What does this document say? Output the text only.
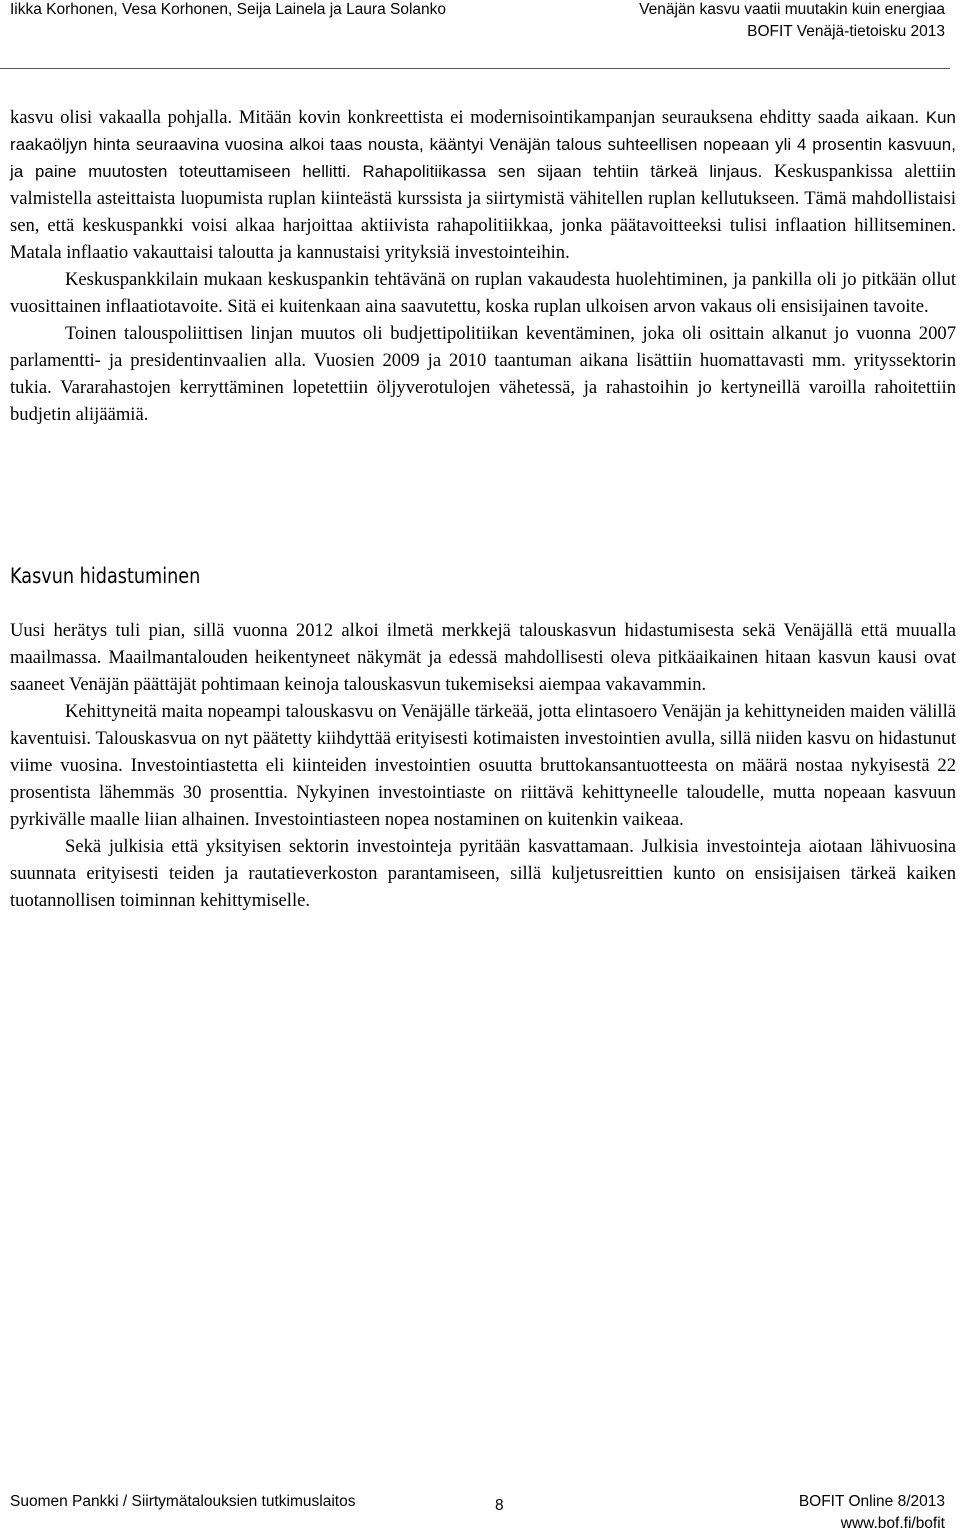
Iikka Korhonen, Vesa Korhonen, Seija Lainela ja Laura Solanko	Venäjän kasvu vaatii muutakin kuin energiaa
BOFIT Venäjä-tietoisku 2013

kasvu olisi vakaalla pohjalla. Mitään kovin konkreettista ei modernisointikampanjan seurauksena ehditty saada aikaan. Kun raakaöljyn hinta seuraavina vuosina alkoi taas nousta, kääntyi Venäjän talous suhteellisen nopeaan yli 4 prosentin kasvuun, ja paine muutosten toteuttamiseen hellitti. Rahapolitiikassa sen sijaan tehtiin tärkeä linjaus. Keskuspankissa alettiin valmistella asteittaista luopumista ruplan kiinteästä kurssista ja siirtymistä vähitellen ruplan kellutukseen. Tämä mahdollistaisi sen, että keskuspankki voisi alkaa harjoittaa aktiivista rahapolitiikkaa, jonka päätavoitteeksi tulisi inflaation hillitseminen. Matala inflaatio vakauttaisi taloutta ja kannustaisi yrityksiä investointeihin.

Keskuspankkilain mukaan keskuspankin tehtävänä on ruplan vakaudesta huolehtiminen, ja pankilla oli jo pitkään ollut vuosittainen inflaatiotavoite. Sitä ei kuitenkaan aina saavutettu, koska ruplan ulkoisen arvon vakaus oli ensisijainen tavoite.

Toinen talouspoliittisen linjan muutos oli budjettipolitiikan keventäminen, joka oli osittain alkanut jo vuonna 2007 parlamentti- ja presidentinvaalien alla. Vuosien 2009 ja 2010 taantuman aikana lisättiin huomattavasti mm. yrityssektorin tukia. Vararahastojen kerryttäminen lopetettiin öljyverotulojen vähetessä, ja rahastoihin jo kertyneillä varoilla rahoitettiin budjetin alijäämiä.

Kasvun hidastuminen

Uusi herätys tuli pian, sillä vuonna 2012 alkoi ilmetä merkkejä talouskasvun hidastumisesta sekä Venäjällä että muualla maailmassa. Maailmantalouden heikentyneet näkymät ja edessä mahdollisesti oleva pitkäaikainen hitaan kasvun kausi ovat saaneet Venäjän päättäjät pohtimaan keinoja talouskasvun tukemiseksi aiempaa vakavammin.

Kehittyneitä maita nopeampi talouskasvu on Venäjälle tärkeää, jotta elintasoero Venäjän ja kehittyneiden maiden välillä kaventuisi. Talouskasvua on nyt päätetty kiihdyttää erityisesti kotimaisten investointien avulla, sillä niiden kasvu on hidastunut viime vuosina. Investointiastetta eli kiinteiden investointien osuutta bruttokansantuotteesta on määrä nostaa nykyisestä 22 prosentista lähemmäs 30 prosenttia. Nykyinen investointiaste on riittävä kehittyneelle taloudelle, mutta nopeaan kasvuun pyrkivälle maalle liian alhainen. Investointiasteen nopea nostaminen on kuitenkin vaikeaa.

Sekä julkisia että yksityisen sektorin investointeja pyritään kasvattamaan. Julkisia investointeja aiotaan lähivuosina suunnata erityisesti teiden ja rautatieverkoston parantamiseen, sillä kuljetusreittien kunto on ensisijaisen tärkeä kaiken tuotannollisen toiminnan kehittymiselle.

Suomen Pankki / Siirtymätalouksien tutkimuslaitos	8	BOFIT Online 8/2013
www.bof.fi/bofit
